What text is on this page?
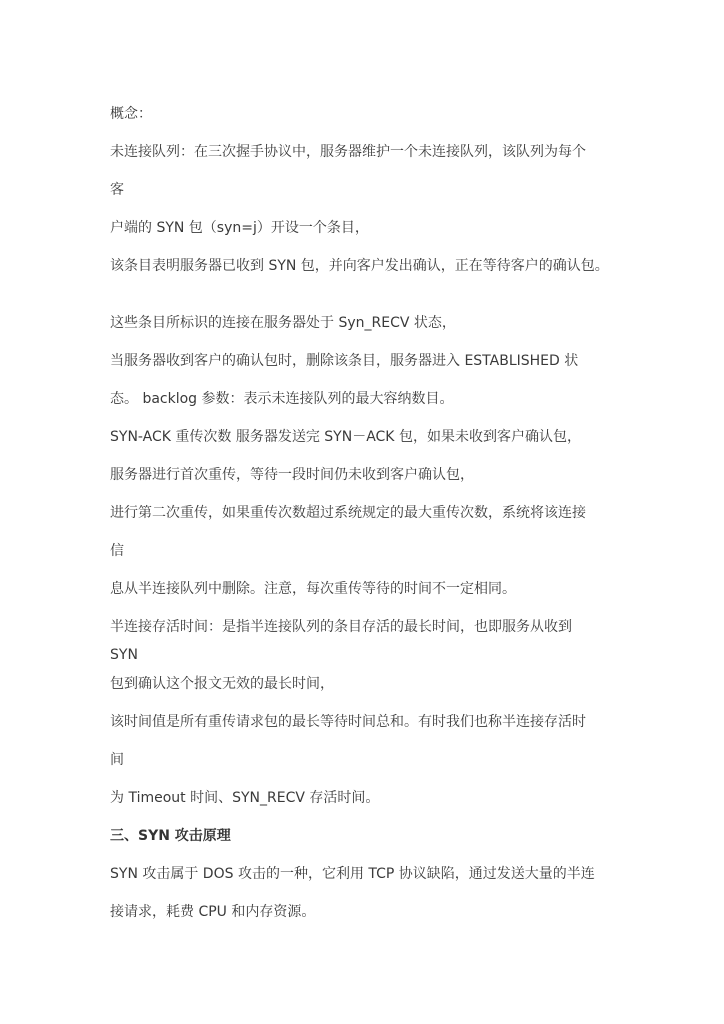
概念：
未连接队列：在三次握手协议中，服务器维护一个未连接队列，该队列为每个
客
户端的 SYN 包（syn=j）开设一个条目，
该条目表明服务器已收到 SYN 包，并向客户发出确认，正在等待客户的确认包。
这些条目所标识的连接在服务器处于 Syn_RECV 状态，
当服务器收到客户的确认包时，删除该条目，服务器进入 ESTABLISHED 状
态。 backlog 参数：表示未连接队列的最大容纳数目。
SYN-ACK 重传次数 服务器发送完 SYN－ACK 包，如果未收到客户确认包，
服务器进行首次重传，等待一段时间仍未收到客户确认包，
进行第二次重传，如果重传次数超过系统规定的最大重传次数，系统将该连接
信
息从半连接队列中删除。注意，每次重传等待的时间不一定相同。
半连接存活时间：是指半连接队列的条目存活的最长时间，也即服务从收到
SYN
包到确认这个报文无效的最长时间，
该时间值是所有重传请求包的最长等待时间总和。有时我们也称半连接存活时
间
为 Timeout 时间、SYN_RECV 存活时间。
三、SYN 攻击原理
SYN 攻击属于 DOS 攻击的一种，它利用 TCP 协议缺陷，通过发送大量的半连
接请求，耗费 CPU 和内存资源。
